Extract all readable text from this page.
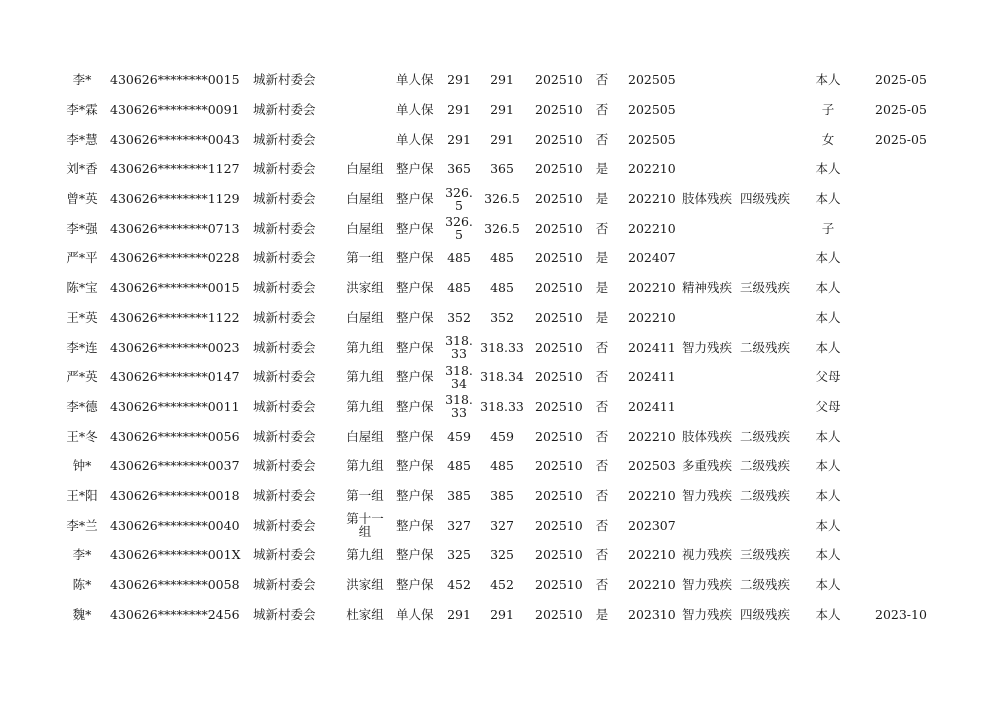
李*	430626********0015	城新村委会	单人保	291	291	202510	否 202505	本人	2025-05
李*霖 430626********0091	城新村委会	单人保	291	291	202510	否 202505	子	2025-05
李*慧 430626********0043	城新村委会	单人保	291	291	202510	否 202505	女	2025-05
刘*香 430626********1127	城新村委会	白屋组 整户保	365	365	202510	是 202210	本人
曾*英 430626********1129	城新村委会	白屋组 整户保 326.5	326.5	202510	是 202210 肢体残疾 四级残疾	本人
李*强 430626********0713	城新村委会	白屋组 整户保 326.5	326.5	202510	否 202210	子
严*平 430626********0228	城新村委会	第一组 整户保	485	485	202510	是 202407	本人
陈*宝 430626********0015	城新村委会	洪家组 整户保	485	485	202510	是 202210 精神残疾 三级残疾	本人
王*英 430626********1122	城新村委会	白屋组 整户保	352	352	202510	是 202210	本人
李*连 430626********0023	城新村委会	第九组 整户保 318.33	318.33 202510	否 202411 智力残疾 二级残疾	本人
严*英 430626********0147	城新村委会	第九组 整户保 318.34	318.34 202510	否 202411	父母
李*德 430626********0011	城新村委会	第九组 整户保 318.33	318.33 202510	否 202411	父母
王*冬 430626********0056	城新村委会	白屋组 整户保	459	459	202510	否 202210 肢体残疾 二级残疾	本人
钟*	430626********0037	城新村委会	第九组 整户保	485	485	202510	否 202503 多重残疾 二级残疾	本人
王*阳 430626********0018	城新村委会	第一组 整户保	385	385	202510	否 202210 智力残疾 二级残疾	本人
李*兰 430626********0040	城新村委会	第十一组	整户保	327	327	202510	否 202307	本人
李*	430626********001X	城新村委会	第九组 整户保	325	325	202510	否 202210 视力残疾 三级残疾	本人
陈*	430626********0058	城新村委会	洪家组 整户保	452	452	202510	否 202210 智力残疾 二级残疾	本人
魏*	430626********2456	城新村委会	杜家组 单人保	291	291	202510	是 202310 智力残疾 四级残疾	本人	2023-10
